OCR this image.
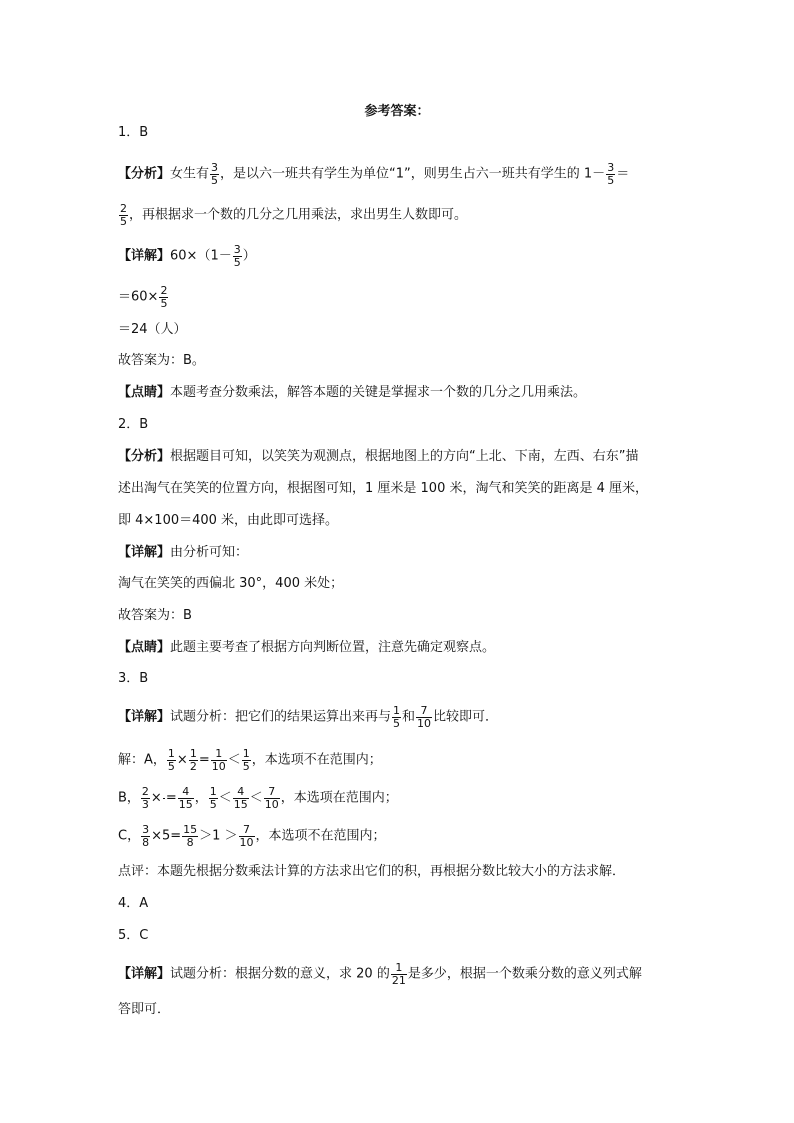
参考答案：
1．B
【分析】女生有 $\frac{3}{5}$ ，是以六一班共有学生为单位“1”，则男生占六一班共有学生的 $1- \frac{3}{5}$ ＝
$\frac{2}{5}$ ，再根据求一个数的几分之几用乘法，求出男生人数即可。
【详解】$60\times(1- \frac{3}{5}$ ）
$=60\times \frac{2}{5}$
＝24（人）
故答案为：B。
【点睛】本题考查分数乘法，解答本题的关键是掌握求一个数的几分之几用乘法。
2．B
【分析】根据题目可知，以笑笑为观测点，根据地图上的方向“上北、下南，左西、右东”描
述出淘气在笑笑的位置方向，根据图可知，1 厘米是 100 米，淘气和笑笑的距离是 4 厘米，
即 4×100＝400 米，由此即可选择。
【详解】由分析可知：
淘气在笑笑的西偏北 30°，400 米处；
故答案为：B
【点睛】此题主要考查了根据方向判断位置，注意先确定观察点。
3．B
【详解】试题分析：把它们的结果运算出来再与 $\frac{1}{5}$ 和 $\frac{7}{10}$ 比较即可．
解：A， $\frac{1}{5} \times \frac{1}{2} = \frac{1}{10} < \frac{1}{5}$ ，本选项不在范围内；
B， $\frac{2}{3}$ × = $\frac{4}{15}$ ， $\frac{1}{5} < \frac{4}{15} < \frac{7}{10}$ ，本选项在范围内；
C， $\frac{3}{8} \times 5= \frac{15}{8} >1 > \frac{7}{10}$ ，本选项不在范围内；
点评：本题先根据分数乘法计算的方法求出它们的积，再根据分数比较大小的方法求解．
4．A
5．C
【详解】试题分析：根据分数的意义，求 20 的 $\frac{1}{21}$ 是多少，根据一个数乘分数的意义列式解
答即可．
